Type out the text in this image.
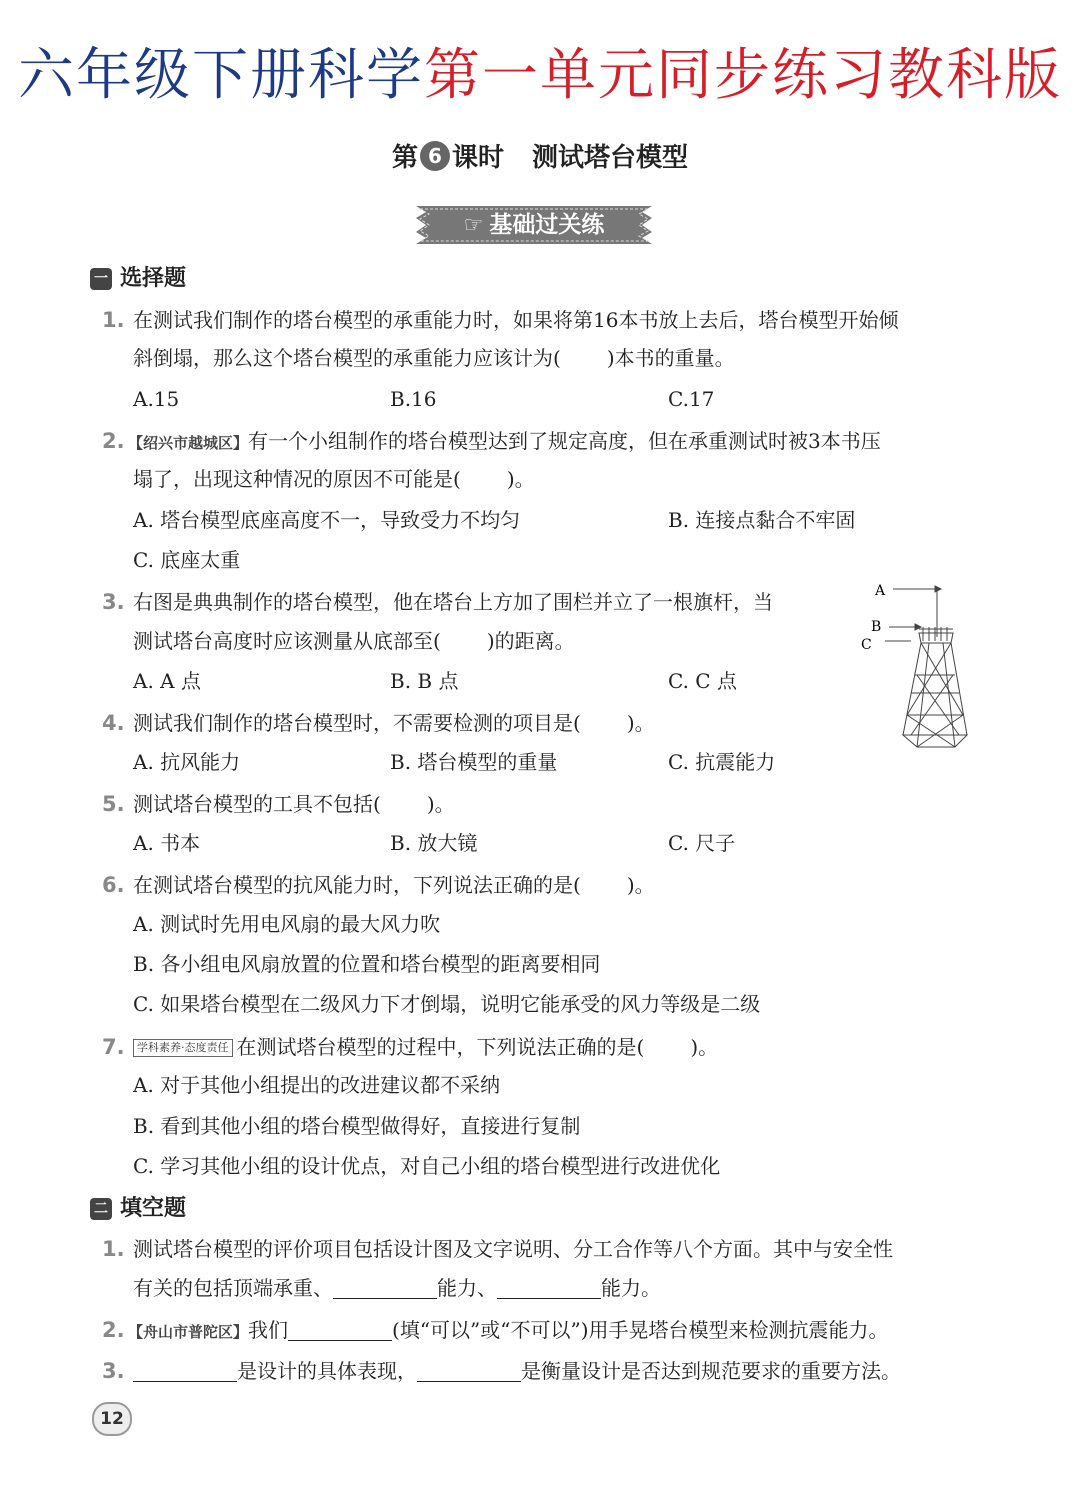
六年级下册科学第一单元同步练习教科版
第 6 课时 测试塔台模型
☞ 基础过关练
一 选择题
1. 在测试我们制作的塔台模型的承重能力时，如果将第16本书放上去后，塔台模型开始倾
斜倒塌，那么这个塔台模型的承重能力应该计为( )本书的重量。
A.15	B.16	C.17
2. 【绍兴市越城区】有一个小组制作的塔台模型达到了规定高度，但在承重测试时被3本书压
塌了，出现这种情况的原因不可能是( )。
A. 塔台模型底座高度不一，导致受力不均匀	B. 连接点黏合不牢固
C. 底座太重
3. 右图是典典制作的塔台模型，他在塔台上方加了围栏并立了一根旗杆，当
测试塔台高度时应该测量从底部至( )的距离。
A. A 点	B. B 点	C. C 点
A
B
C
4. 测试我们制作的塔台模型时，不需要检测的项目是( )。
A. 抗风能力	B. 塔台模型的重量	C. 抗震能力
5. 测试塔台模型的工具不包括( )。
A. 书本	B. 放大镜	C. 尺子
6. 在测试塔台模型的抗风能力时，下列说法正确的是( )。
A. 测试时先用电风扇的最大风力吹
B. 各小组电风扇放置的位置和塔台模型的距离要相同
C. 如果塔台模型在二级风力下才倒塌，说明它能承受的风力等级是二级
7.	学科素养·态度责任 在测试塔台模型的过程中，下列说法正确的是( )。
A. 对于其他小组提出的改进建议都不采纳
B. 看到其他小组的塔台模型做得好，直接进行复制
C. 学习其他小组的设计优点，对自己小组的塔台模型进行改进优化
二 填空题
1. 测试塔台模型的评价项目包括设计图及文字说明、分工合作等八个方面。其中与安全性
有关的包括顶端承重、	能力、	能力。
2. 【舟山市普陀区】我们	(填“可以”或“不可以”)用手晃塔台模型来检测抗震能力。
3.	是设计的具体表现，	是衡量设计是否达到规范要求的重要方法。
12
